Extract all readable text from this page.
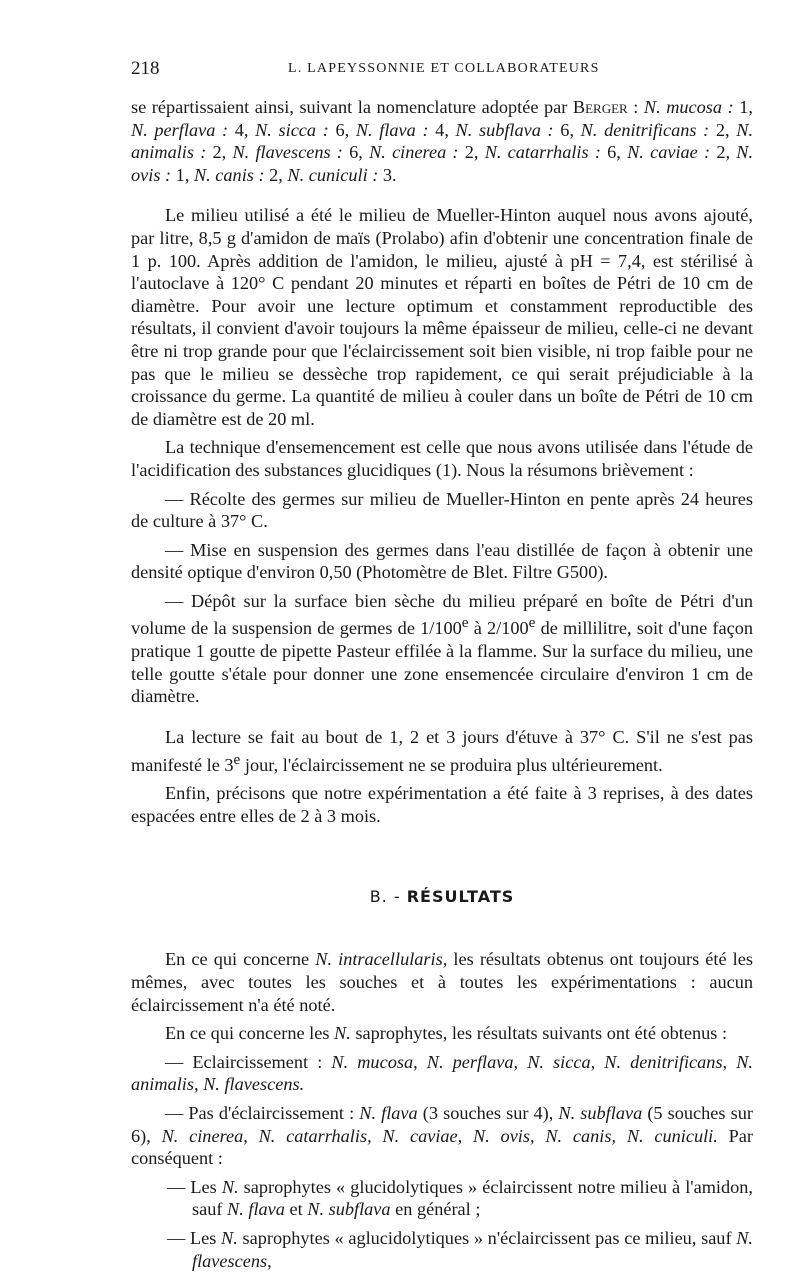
218	L. LAPEYSSONNIE ET COLLABORATEURS

se répartissaient ainsi, suivant la nomenclature adoptée par Berger : N. mucosa : 1, N. perflava : 4, N. sicca : 6, N. flava : 4, N. subflava : 6, N. denitrificans : 2, N. animalis : 2, N. flavescens : 6, N. cinerea : 2, N. catarrhalis : 6, N. caviae : 2, N. ovis : 1, N. canis : 2, N. cuniculi : 3.

Le milieu utilisé a été le milieu de Mueller-Hinton auquel nous avons ajouté, par litre, 8,5 g d'amidon de maïs (Prolabo) afin d'obtenir une concentration finale de 1 p. 100. Après addition de l'amidon, le milieu, ajusté à pH = 7,4, est stérilisé à l'autoclave à 120° C pendant 20 minutes et réparti en boîtes de Pétri de 10 cm de diamètre. Pour avoir une lecture optimum et constamment reproductible des résultats, il convient d'avoir toujours la même épaisseur de milieu, celle-ci ne devant être ni trop grande pour que l'éclaircissement soit bien visible, ni trop faible pour ne pas que le milieu se dessèche trop rapidement, ce qui serait préjudiciable à la croissance du germe. La quantité de milieu à couler dans un boîte de Pétri de 10 cm de diamètre est de 20 ml.

La technique d'ensemencement est celle que nous avons utilisée dans l'étude de l'acidification des substances glucidiques (1). Nous la résumons brièvement :

— Récolte des germes sur milieu de Mueller-Hinton en pente après 24 heures de culture à 37° C.

— Mise en suspension des germes dans l'eau distillée de façon à obtenir une densité optique d'environ 0,50 (Photomètre de Blet. Filtre G500).

— Dépôt sur la surface bien sèche du milieu préparé en boîte de Pétri d'un volume de la suspension de germes de 1/100e à 2/100e de millilitre, soit d'une façon pratique 1 goutte de pipette Pasteur effilée à la flamme. Sur la surface du milieu, une telle goutte s'étale pour donner une zone ensemencée circulaire d'environ 1 cm de diamètre.

La lecture se fait au bout de 1, 2 et 3 jours d'étuve à 37° C. S'il ne s'est pas manifesté le 3e jour, l'éclaircissement ne se produira plus ultérieurement.

Enfin, précisons que notre expérimentation a été faite à 3 reprises, à des dates espacées entre elles de 2 à 3 mois.

B. - RÉSULTATS

En ce qui concerne N. intracellularis, les résultats obtenus ont toujours été les mêmes, avec toutes les souches et à toutes les expérimentations : aucun éclaircissement n'a été noté.

En ce qui concerne les N. saprophytes, les résultats suivants ont été obtenus :

— Eclaircissement : N. mucosa, N. perflava, N. sicca, N. denitrificans, N. animalis, N. flavescens.

— Pas d'éclaircissement : N. flava (3 souches sur 4), N. subflava (5 souches sur 6), N. cinerea, N. catarrhalis, N. caviae, N. ovis, N. canis, N. cuniculi. Par conséquent :

— Les N. saprophytes « glucidolytiques » éclaircissent notre milieu à l'amidon, sauf N. flava et N. subflava en général ;

— Les N. saprophytes « aglucidolytiques » n'éclaircissent pas ce milieu, sauf N. flavescens,
